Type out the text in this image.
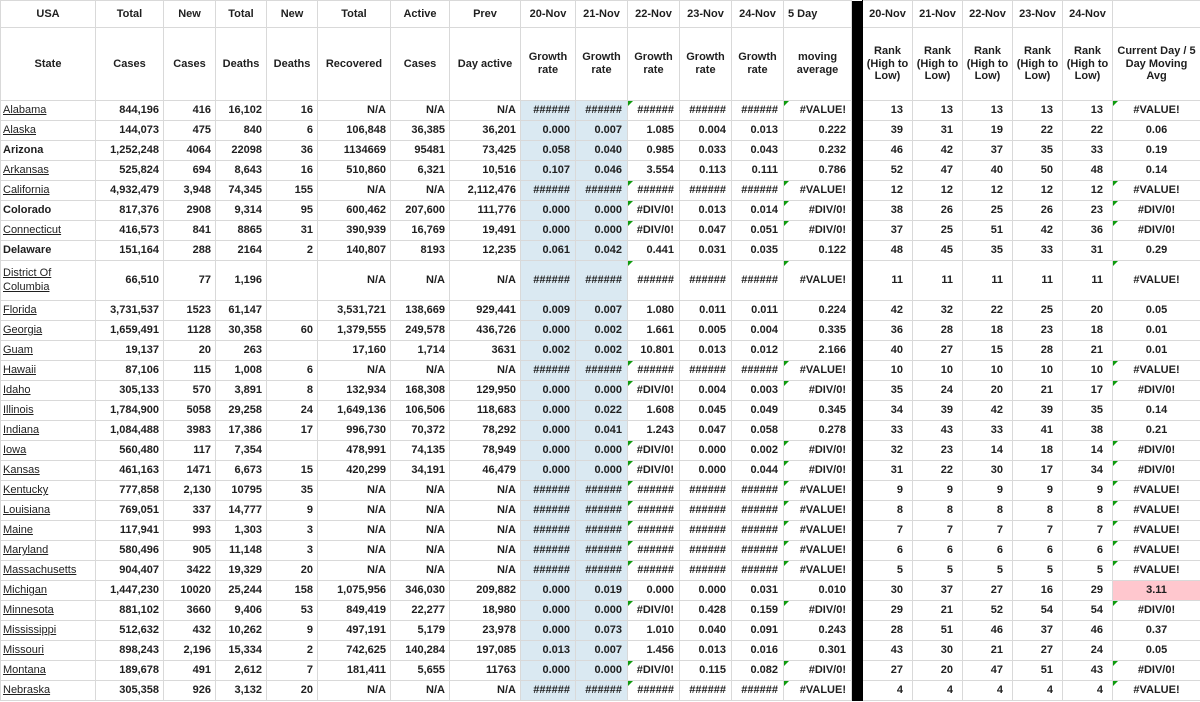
USA	Total	New	Total	New	Total	Active	Prev	20-Nov	21-Nov	22-Nov	23-Nov	24-Nov	5 Day		20-Nov	21-Nov	22-Nov	23-Nov	24-Nov	
State	Cases	Cases	Deaths	Deaths	Recovered	Cases	Day active	Growth rate	Growth rate	Growth rate	Growth rate	Growth rate	moving average		Rank (High to Low)	Rank (High to Low)	Rank (High to Low)	Rank (High to Low)	Rank (High to Low)	Current Day / 5 Day Moving Avg
Alabama	844,196	416	16,102	16	N/A	N/A	N/A	######	######	######	######	######	#VALUE!		13	13	13	13	13	#VALUE!

Alaska	144,073	475	840	6	106,848	36,385	36,201	0.000	0.007	1.085	0.004	0.013	0.222		39	31	19	22	22	0.06
Arizona	1,252,248	4064	22098	36	1134669	95481	73,425	0.058	0.040	0.985	0.033	0.043	0.232		46	42	37	35	33	0.19
Arkansas	525,824	694	8,643	16	510,860	6,321	10,516	0.107	0.046	3.554	0.113	0.111	0.786		52	47	40	50	48	0.14
California	4,932,479	3,948	74,345	155	N/A	N/A	2,112,476	######	######	######	######	######	#VALUE!		12	12	12	12	12	#VALUE!

Colorado	817,376	2908	9,314	95	600,462	207,600	111,776	0.000	0.000	#DIV/0!	0.013	0.014	#DIV/0!		38	26	25	26	23	#DIV/0!

Connecticut	416,573	841	8865	31	390,939	16,769	19,491	0.000	0.000	#DIV/0!	0.047	0.051	#DIV/0!		37	25	51	42	36	#DIV/0!

Delaware	151,164	288	2164	2	140,807	8193	12,235	0.061	0.042	0.441	0.031	0.035	0.122		48	45	35	33	31	0.29
District Of Columbia	66,510	77	1,196		N/A	N/A	N/A	######	######	######	######	######	#VALUE!		11	11	11	11	11	#VALUE!

Florida	3,731,537	1523	61,147		3,531,721	138,669	929,441	0.009	0.007	1.080	0.011	0.011	0.224		42	32	22	25	20	0.05
Georgia	1,659,491	1128	30,358	60	1,379,555	249,578	436,726	0.000	0.002	1.661	0.005	0.004	0.335		36	28	18	23	18	0.01
Guam	19,137	20	263		17,160	1,714	3631	0.002	0.002	10.801	0.013	0.012	2.166		40	27	15	28	21	0.01
Hawaii	87,106	115	1,008	6	N/A	N/A	N/A	######	######	######	######	######	#VALUE!		10	10	10	10	10	#VALUE!

Idaho	305,133	570	3,891	8	132,934	168,308	129,950	0.000	0.000	#DIV/0!	0.004	0.003	#DIV/0!		35	24	20	21	17	#DIV/0!

Illinois	1,784,900	5058	29,258	24	1,649,136	106,506	118,683	0.000	0.022	1.608	0.045	0.049	0.345		34	39	42	39	35	0.14
Indiana	1,084,488	3983	17,386	17	996,730	70,372	78,292	0.000	0.041	1.243	0.047	0.058	0.278		33	43	33	41	38	0.21
Iowa	560,480	117	7,354		478,991	74,135	78,949	0.000	0.000	#DIV/0!	0.000	0.002	#DIV/0!		32	23	14	18	14	#DIV/0!

Kansas	461,163	1471	6,673	15	420,299	34,191	46,479	0.000	0.000	#DIV/0!	0.000	0.044	#DIV/0!		31	22	30	17	34	#DIV/0!

Kentucky	777,858	2,130	10795	35	N/A	N/A	N/A	######	######	######	######	######	#VALUE!		9	9	9	9	9	#VALUE!

Louisiana	769,051	337	14,777	9	N/A	N/A	N/A	######	######	######	######	######	#VALUE!		8	8	8	8	8	#VALUE!

Maine	117,941	993	1,303	3	N/A	N/A	N/A	######	######	######	######	######	#VALUE!		7	7	7	7	7	#VALUE!

Maryland	580,496	905	11,148	3	N/A	N/A	N/A	######	######	######	######	######	#VALUE!		6	6	6	6	6	#VALUE!

Massachusetts	904,407	3422	19,329	20	N/A	N/A	N/A	######	######	######	######	######	#VALUE!		5	5	5	5	5	#VALUE!

Michigan	1,447,230	10020	25,244	158	1,075,956	346,030	209,882	0.000	0.019	0.000	0.000	0.031	0.010		30	37	27	16	29	3.11
Minnesota	881,102	3660	9,406	53	849,419	22,277	18,980	0.000	0.000	#DIV/0!	0.428	0.159	#DIV/0!		29	21	52	54	54	#DIV/0!

Mississippi	512,632	432	10,262	9	497,191	5,179	23,978	0.000	0.073	1.010	0.040	0.091	0.243		28	51	46	37	46	0.37
Missouri	898,243	2,196	15,334	2	742,625	140,284	197,085	0.013	0.007	1.456	0.013	0.016	0.301		43	30	21	27	24	0.05
Montana	189,678	491	2,612	7	181,411	5,655	11763	0.000	0.000	#DIV/0!	0.115	0.082	#DIV/0!		27	20	47	51	43	#DIV/0!

Nebraska	305,358	926	3,132	20	N/A	N/A	N/A	######	######	######	######	######	#VALUE!		4	4	4	4	4	#VALUE!
